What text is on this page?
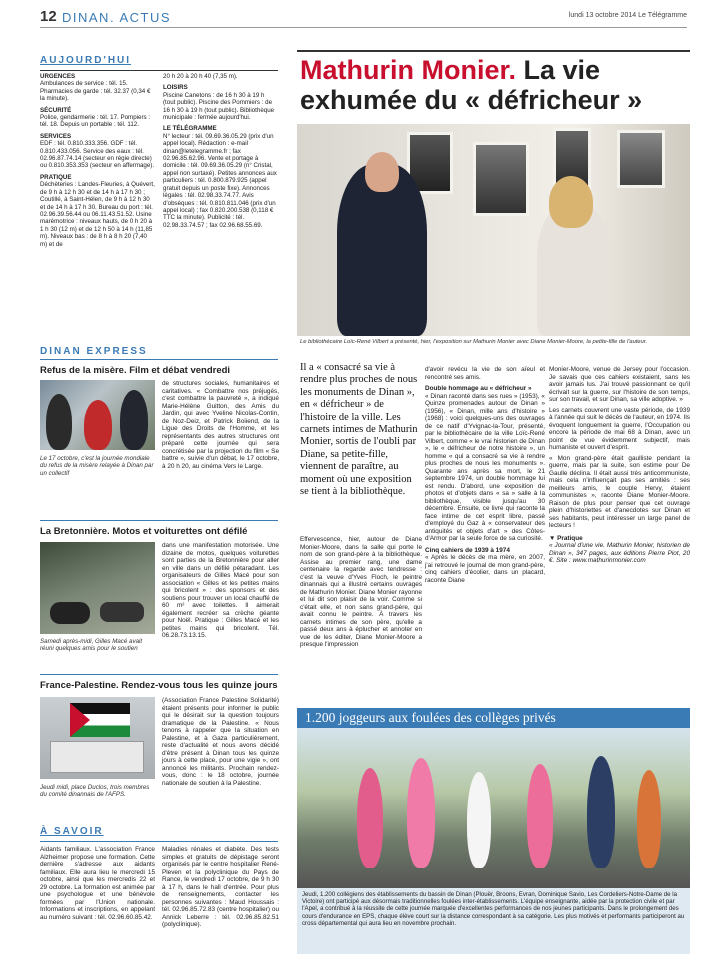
12 DINAN. ACTUS	lundi 13 octobre 2014 Le Télégramme
AUJOURD'HUI
URGENCES
Ambulances de service : tél. 15. Pharmacies de garde : tél. 32.37 (0,34 € la minute).
SÉCURITÉ
Police, gendarmerie : tél. 17. Pompiers : tél. 18. Depuis un portable : tél. 112.
SERVICES
EDF : tél. 0.810.333.356. GDF : tél. 0.810.433.056. Service des eaux : tél. 02.96.87.74.14 (secteur en régie directe) ou 0.810.353.353 (secteur en affermage).
PRATIQUE
Déchèteries : Landes-Fleuries, à Quévert, de 9 h à 12 h 30 et de 14 h à 17 h 30 ; Coutillé, à Saint-Hélen, de 9 h à 12 h 30 et de 14 h à 17 h 30. Bureau du port : tél. 02.96.39.56.44 ou 06.11.43.51.52. Usine marémotrice : niveaux hauts, de 0 h 20 à 1 h 30 (12 m) et de 12 h 50 à 14 h (11,85 m). Niveaux bas : de 8 h à 8 h 20 (7,40 m) et de
20 h 20 à 20 h 40 (7,35 m).
LOISIRS
Piscine Canetons : de 16 h 30 à 19 h (tout public). Piscine des Pommiers : de 16 h 30 à 19 h (tout public). Bibliothèque municipale : fermée aujourd'hui.
LE TÉLÉGRAMME
N° lecteur : tél. 09.69.36.05.29 (prix d'un appel local). Rédaction : e-mail dinan@letelegramme.fr ; fax 02.96.85.62.96. Vente et portage à domicile : tél. 09.69.36.05.29 (n° Cristal, appel non surtaxé). Petites annonces aux particuliers : tél. 0.800.879.925 (appel gratuit depuis un poste fixe). Annonces légales : tél. 02.98.33.74.77. Avis d'obsèques : tél. 0.810.811.046 (prix d'un appel local) ; fax 0.820.200.538 (0,118 € TTC la minute). Publicité : tél. 02.98.33.74.57 ; fax 02.96.68.55.69.
DINAN EXPRESS
Refus de la misère. Film et débat vendredi
Le 17 octobre, c'est la journée mondiale du refus de la misère relayée à Dinan par un collectif
de structures sociales, humanitaires et caritatives. « Combattre nos préjugés, c'est combattre la pauvreté », a indiqué Marie-Hélène Guitton, des Amis du Jardin, qui avec Yveline Nicolas-Contin, de Noz-Deiz, et Patrick Boiiend, de la Ligue des Droits de l'Homme, et les représentants des autres structures ont préparé cette journée qui sera concrétisée par la projection du film « Se battre », suivie d'un débat, le 17 octobre, à 20 h 20, au cinéma Vers le Large.
La Bretonnière. Motos et voiturettes ont défilé
Samedi après-midi, Gilles Macé avait réuni quelques amis pour le soutien
dans une manifestation motorisée. Une dizaine de motos, quelques voiturettes sont parties de la Bretonnière pour aller en ville dans un défilé pétaradant. Les organisateurs de Gilles Macé pour son association « Gilles et les petites mains qui bricolent » : des sponsors et des soutiens pour trouver un local chauffé de 60 m² avec toilettes. Il aimerait également recréer sa crèche géante pour Noël. Pratique : Gilles Macé et les petites mains qui bricolent. Tél. 06.28.73.13.15.
France-Palestine. Rendez-vous tous les quinze jours
Jeudi midi, place Duclos, trois membres du comité dinannais de l'AFPS.
(Association France Palestine Solidarité) étaient présents pour informer le public qui le désirait sur la question toujours dramatique de la Palestine. « Nous tenons à rappeler que la situation en Palestine, et à Gaza particulièrement, reste d'actualité et nous avons décidé d'être présent à Dinan tous les quinze jours à cette place, pour une vigie », ont annoncé les militants. Prochain rendez-vous, donc : le 18 octobre, journée nationale de soutien à la Palestine.
À SAVOIR
Aidants familiaux. L'association France Alzheimer propose une formation. Cette dernière s'adresse aux aidants familiaux. Elle aura lieu le mercredi 15 octobre, ainsi que les mercredis 22 et 29 octobre. La formation est animée par une psychologue et une bénévole formées par l'Union nationale. Informations et inscriptions, en appelant au numéro suivant : tél. 02.96.60.85.42.
Maladies rénales et diabète. Des tests simples et gratuits de dépistage seront organisés par le centre hospitalier René-Pleven et la polyclinique du Pays de Rance, le vendredi 17 octobre, de 9 h 30 à 17 h, dans le hall d'entrée. Pour plus de renseignements, contacter les personnes suivantes : Maud Houssais : tél. 02.96.85.72.83 (centre hospitalier) ou Annick Leberre : tél. 02.96.85.82.51 (polyclinique).
Mathurin Monier. La vie exhumée du « défricheur »
Le bibliothécaire Loïc-René Vilbert a présenté, hier, l'exposition sur Mathurin Monier avec Diane Monier-Moore, la petite-fille de l'auteur.
Il a « consacré sa vie à rendre plus proches de nous les monuments de Dinan », en « défricheur » de l'histoire de la ville. Les carnets intimes de Mathurin Monier, sortis de l'oubli par Diane, sa petite-fille, viennent de paraître, au moment où une exposition se tient à la bibliothèque.
Effervescence, hier, autour de Diane Monier-Moore, dans la salle qui porte le nom de son grand-père à la bibliothèque. Assise au premier rang, une dame centenaire la regarde avec tendresse : c'est la veuve d'Yves Floch, le peintre dinannais qui a illustré certains ouvrages de Mathurin Monier. Diane Monier rayonne et lui dit son plaisir de la voir. Comme si c'était elle, et non sans grand-père, qui avait connu le peintre. À travers les carnets intimes de son père, qu'elle a passé deux ans à éplucher et annoter en vue de les éditer, Diane Monier-Moore a presque l'impression
d'avoir revécu la vie de son aïeul et rencontré ses amis.
Double hommage au « défricheur »
« Dinan raconté dans ses rues » (1953), « Quinze promenades autour de Dinan » (1956), « Dinan, mille ans d'histoire » (1968) : voici quelques-uns des ouvrages de ce natif d'Yvignac-la-Tour, présenté, par le bibliothécaire de la ville Loïc-René Vilbert, comme « le vrai historien de Dinan », le « défricheur de notre histoire », un homme « qui a consacré sa vie à rendre plus proches de nous les monuments ». Quarante ans après sa mort, le 21 septembre 1974, un double hommage lui est rendu. D'abord, une exposition de photos et d'objets dans « sa » salle à la bibliothèque, visible jusqu'au 30 décembre. Ensuite, ce livre qui raconte la face intime de cet esprit libre, passé d'employé du Gaz à « conservateur des antiquités et objets d'art » des Côtes-d'Armor par la seule force de sa curiosité.
Cinq cahiers de 1939 à 1974
« Après le décès de ma mère, en 2007, j'ai retrouvé le journal de mon grand-père, cinq cahiers d'écolier, dans un placard, raconte Diane
Monier-Moore, venue de Jersey pour l'occasion. Je savais que ces cahiers existaient, sans les avoir jamais lus. J'ai trouvé passionnant ce qu'il écrivait sur la guerre, sur l'histoire de son temps, sur son travail, et sur Dinan, sa ville adoptive. »
Les carnets couvrent une vaste période, de 1939 à l'année qui suit le décès de l'auteur, en 1974. Ils évoquent longuement la guerre, l'Occupation ou encore la période de mai 68 à Dinan, avec un point de vue évidemment subjectif, mais humaniste et ouvert d'esprit.
« Mon grand-père était gaulliste pendant la guerre, mais par la suite, son estime pour De Gaulle déclina. Il était aussi très anticommuniste, mais cela n'influençait pas ses amitiés : ses meilleurs amis, le couple Hervy, étaient communistes », raconte Diane Monier-Moore. Raison de plus pour penser que cet ouvrage plein d'historiettes et d'anecdotes sur Dinan et ses habitants, peut intéresser un large panel de lecteurs !
▼ Pratique
« Journal d'une vie. Mathurin Monier, historien de Dinan », 347 pages, aux éditions Pierre Piot, 20 €. Site : www.mathurinmonier.com
1.200 joggeurs aux foulées des collèges privés
Jeudi, 1.200 collégiens des établissements du bassin de Dinan (Plouër, Broons, Evran, Dominique Savio, Les Cordeliers-Notre-Dame de la Victoire) ont participé aux désormais traditionnelles foulées inter-établissements. L'équipe enseignante, aidée par la protection civile et par l'Apel, a contribué à la réussite de cette journée marquée d'excellentes performances de nos jeunes participants. Dans le prolongement des cours d'endurance en EPS, chaque élève court sur la distance correspondant à sa catégorie. Les plus motivés et performants participeront au cross départemental qui aura lieu en novembre prochain.
